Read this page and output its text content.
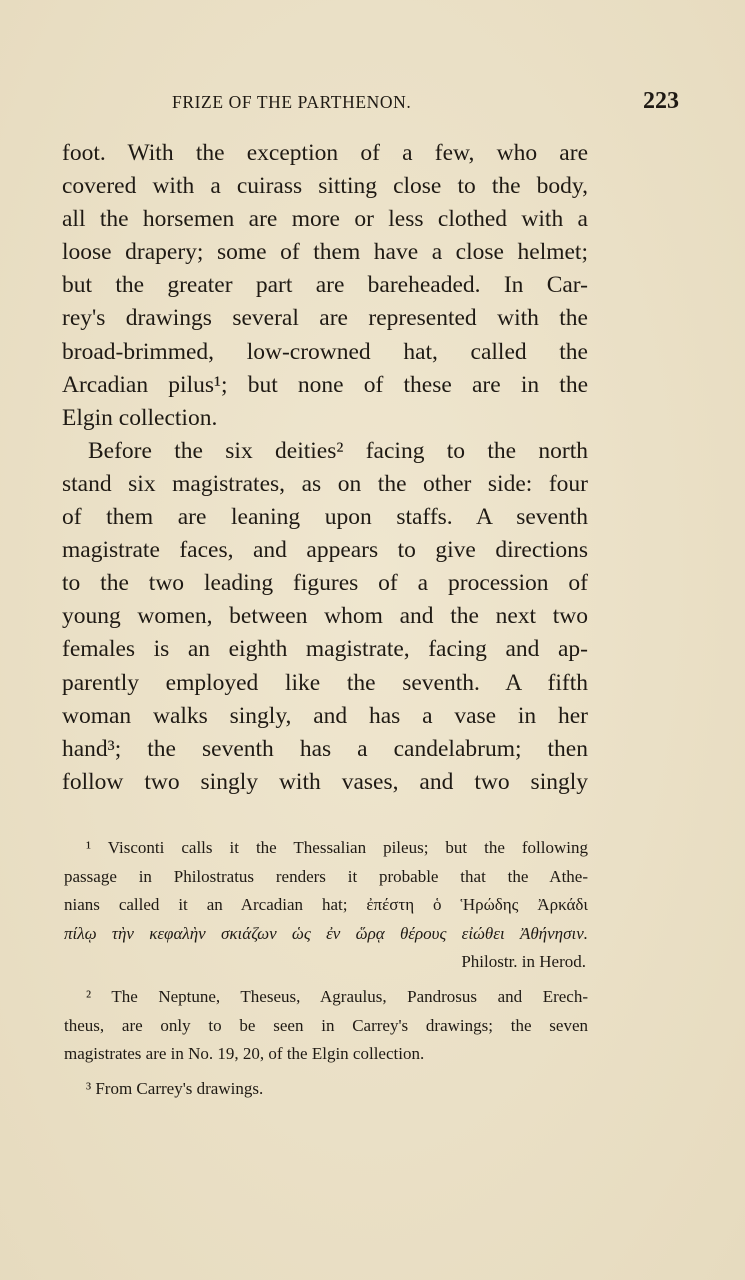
FRIZE OF THE PARTHENON.	223
foot. With the exception of a few, who are
covered with a cuirass sitting close to the body,
all the horsemen are more or less clothed with a
loose drapery; some of them have a close helmet;
but the greater part are bareheaded. In Car-
rey's drawings several are represented with the
broad-brimmed, low-crowned hat, called the
Arcadian pilus¹; but none of these are in the
Elgin collection.
Before the six deities² facing to the north
stand six magistrates, as on the other side: four
of them are leaning upon staffs. A seventh
magistrate faces, and appears to give directions
to the two leading figures of a procession of
young women, between whom and the next two
females is an eighth magistrate, facing and ap-
parently employed like the seventh. A fifth
woman walks singly, and has a vase in her
hand³; the seventh has a candelabrum; then
follow two singly with vases, and two singly
¹ Visconti calls it the Thessalian pileus; but the following
passage in Philostratus renders it probable that the Athe-
nians called it an Arcadian hat; ἐπέστη ὁ Ἡρώδης Ἀρκάδι
πίλῳ τὴν κεφαλὴν σκιάζων ὡς ἐν ὥρᾳ θέρους εἰώθει Ἀθήνησιν.
Philostr. in Herod.
² The Neptune, Theseus, Agraulus, Pandrosus and Erech-
theus, are only to be seen in Carrey's drawings; the seven
magistrates are in No. 19, 20, of the Elgin collection.
³ From Carrey's drawings.
